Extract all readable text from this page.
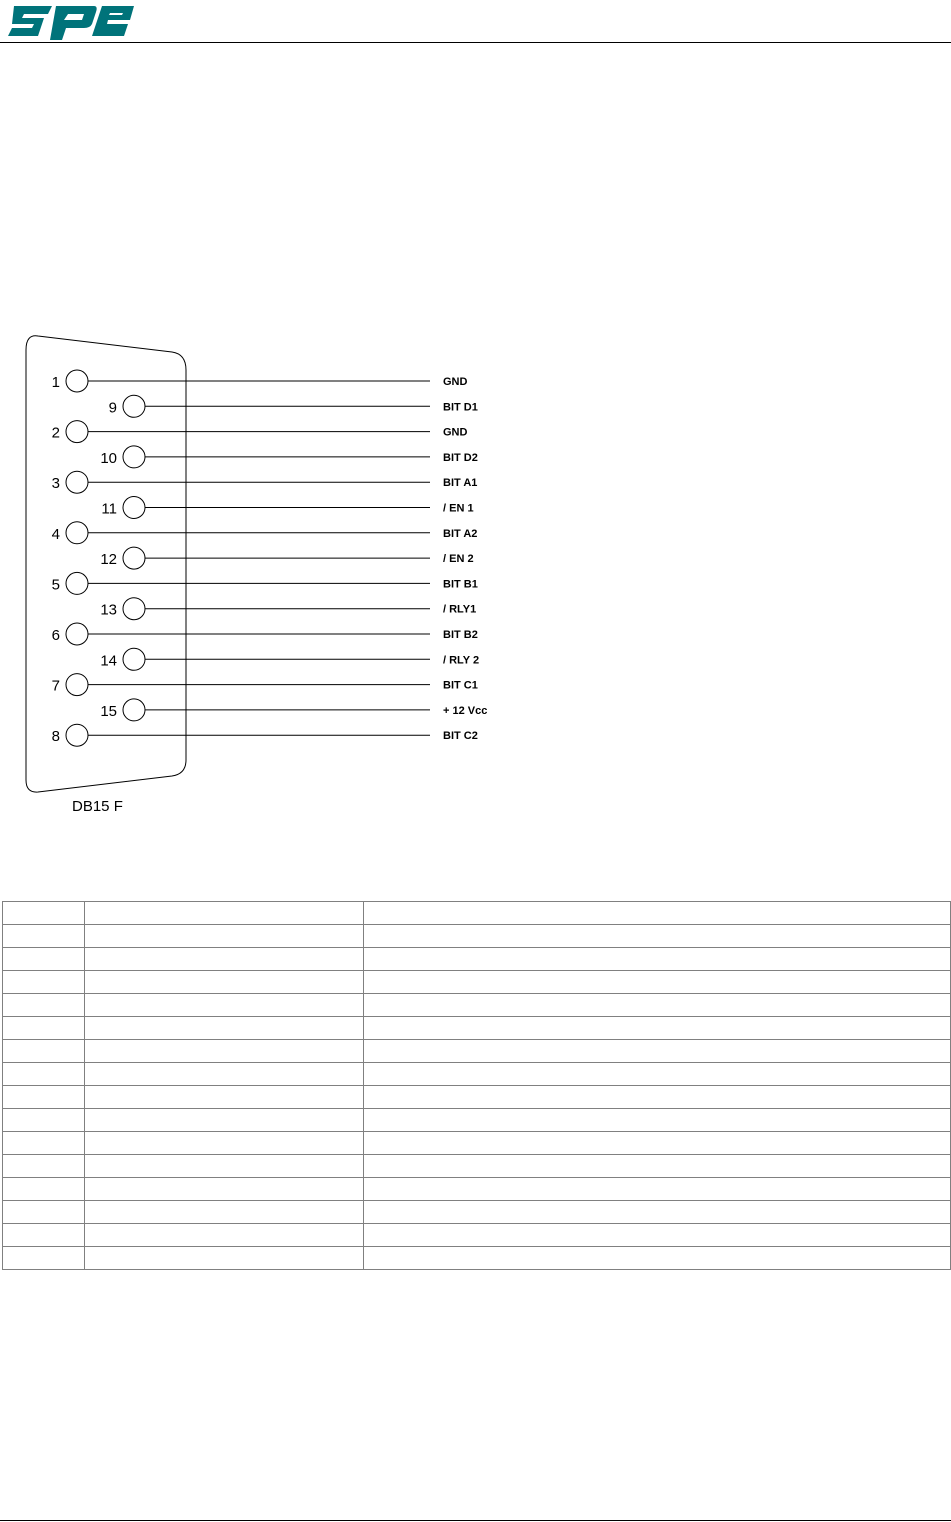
1	GND
9	BIT D1
2	GND
10	BIT D2
3	BIT A1
11	/ EN 1
4	BIT A2
12	/ EN 2
5	BIT B1
13	/ RLY1
6	BIT B2
14	/ RLY 2
7	BIT C1
15	+ 12 Vcc
8	BIT C2
DB15 F
